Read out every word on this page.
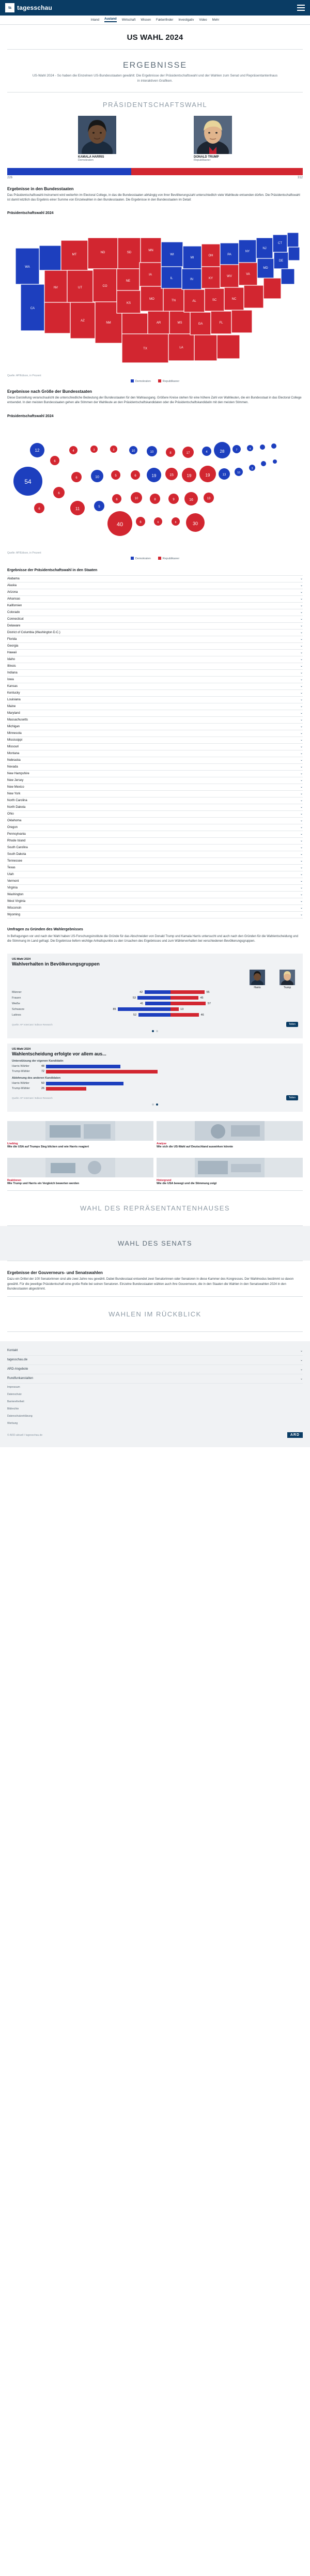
ts tagesschau
Inland Ausland Wirtschaft Wissen Faktenfinder Investigativ Video Mehr
US WAHL 2024
ERGEBNISSE
US-Wahl 2024 - So haben die Einzelnen US-Bundesstaaten gewählt: Die Ergebnisse der Präsidentschaftswahl und der Wahlen zum Senat und Repräsentantenhaus in interaktiven Grafiken.
PRÄSIDENTSCHAFTSWAHL
KAMALA HARRIS
Demokraten
DONALD TRUMP
Republikaner
226	312
Ergebnisse in den Bundesstaaten

Das Präsidentschaftswahl-Instrument wird weiterhin im Electoral College, in das die Bundesstaaten abhängig von ihrer Bevölkerungszahl unterschiedlich viele Wahlleute entsenden dürfen. Die Präsidentschaftswahl ist damit letztlich das Ergebnis einer Summe von Einzelwahlen in den Bundesstaaten. Die Ergebnisse in den Bundesstaaten im Detail:

Präsidentschaftswahl 2024
WA
CA
NV
MT
UT
AZ
ND
CO
NM
SD
NE
KS
TX
MN
IA
MO
AR
WI
IL
TN
MS
LA
MI
IN
AL
GA
OH
KY
SC
FL
PA
WV
NC
NY
VA
NJ
MD
CT
DE
Quelle: AP/Edison, in Prozent
Demokraten	Republikaner
Ergebnisse nach Größe der Bundesstaaten

Diese Darstellung veranschaulicht die unterschiedliche Bedeutung der Bundesstaaten für den Wahlausgang. Größere Kreise stehen für eine höhere Zahl von Wahlleuten, die ein Bundesstaat in das Electoral College entsendet. In den meisten Bundesstaaten gehen alle Stimmen der Wahlleute an den Präsidentschaftskandidaten oder die Präsidentschaftskandidatin mit den meisten Stimmen.

Präsidentschaftswahl 2024
12
54
6
6
6
4
6
11
3
10
5
3
5
6
40
10
6
10
6
10
19
8
6
8
15
9
6
17
19
16
30
4
19
13
28
13
7
10
4
3
Quelle: AP/Edison, in Prozent
Demokraten	Republikaner
Ergebnisse der Präsidentschaftswahl in den Staaten
Alabama	⌄
Alaska	⌄
Arizona	⌄
Arkansas	⌄
Kalifornien	⌄
Colorado	⌄
Connecticut	⌄
Delaware	⌄
District of Columbia (Washington D.C.)	⌄
Florida	⌄
Georgia	⌄
Hawaii	⌄
Idaho	⌄
Illinois	⌄
Indiana	⌄
Iowa	⌄
Kansas	⌄
Kentucky	⌄
Louisiana	⌄
Maine	⌄
Maryland	⌄
Massachusetts	⌄
Michigan	⌄
Minnesota	⌄
Mississippi	⌄
Missouri	⌄
Montana	⌄
Nebraska	⌄
Nevada	⌄
New Hampshire	⌄
New Jersey	⌄
New Mexico	⌄
New York	⌄
North Carolina	⌄
North Dakota	⌄
Ohio	⌄
Oklahoma	⌄
Oregon	⌄
Pennsylvania	⌄
Rhode Island	⌄
South Carolina	⌄
South Dakota	⌄
Tennessee	⌄
Texas	⌄
Utah	⌄
Vermont	⌄
Virginia	⌄
Washington	⌄
West Virginia	⌄
Wisconsin	⌄
Wyoming	⌄
Umfragen zu Gründen des Wahlergebnisses

In Befragungen vor und nach der Wahl haben US-Forschungsinstitute die Gründe für das Abschneiden von Donald Trump und Kamala Harris untersucht und auch nach den Gründen für die Wahlentscheidung und die Stimmung im Land gefragt. Die Ergebnisse liefern wichtige Anhaltspunkte zu den Ursachen des Ergebnisses und zum Wählerverhalten bei verschiedenen Bevölkerungsgruppen.

US-Wahl 2024
Wahlverhalten in Bevölkerungsgruppen
Harris	Trump
Männer	42	55
Frauen	53	45
Weiße	41	57
Schwarze	85	13
Latinos	52	46
Quelle: AP VoteCast / Edison Research	Teilen
US-Wahl 2024
Wahlentscheidung erfolgte vor allem aus...
Unterstützung der eigenen Kandidatin
Harris-Wähler	48
Trump-Wähler	72
Ablehnung des anderen Kandidaten
Harris-Wähler	50
Trump-Wähler	26
Quelle: AP VoteCast / Edison Research	Teilen
Liveblog
Wie die USA auf Trumps Sieg blicken und wie Harris reagiert
Analyse
Wie sich die US-Wahl auf Deutschland auswirken könnte
Reaktionen
Wie Trump und Harris ein Vergleich bewerten werden
Hintergrund
Wie die USA bewegt und die Stimmung zeigt
WAHL DES REPRÄSENTANTENHAUSES
WAHL DES SENATS
Ergebnisse der Gouverneurs- und Senatswahlen

Dazu ein Drittel der 100 Senatorinnen sind alle zwei Jahre neu gewählt. Dabei Bundesstaat entsendet zwei Senatorinnen oder Senatoren in diese Kammer des Kongresses. Der Wahlmodus bestimmt so davon gewählt. Für die jeweilige Präsidentschaft eine große Rolle bei seinen Senatoren. Einzelne Bundesstaaten wählen auch ihre Gouverneure, die in den Staaten die Wahlen in den Senatswahlen 2024 in den Bundesstaaten abgestimmt.

WAHLEN IM RÜCKBLICK
Kontakt	⌄
tagesschau.de	⌄
ARD-Angebote	⌄
Rundfunkanstalten	⌄
Impressum
Datenschutz
Barrierefreiheit
Bildrechte
Datenschutzerklärung
Werbung
© ARD-aktuell / tagesschau.de	ARD
